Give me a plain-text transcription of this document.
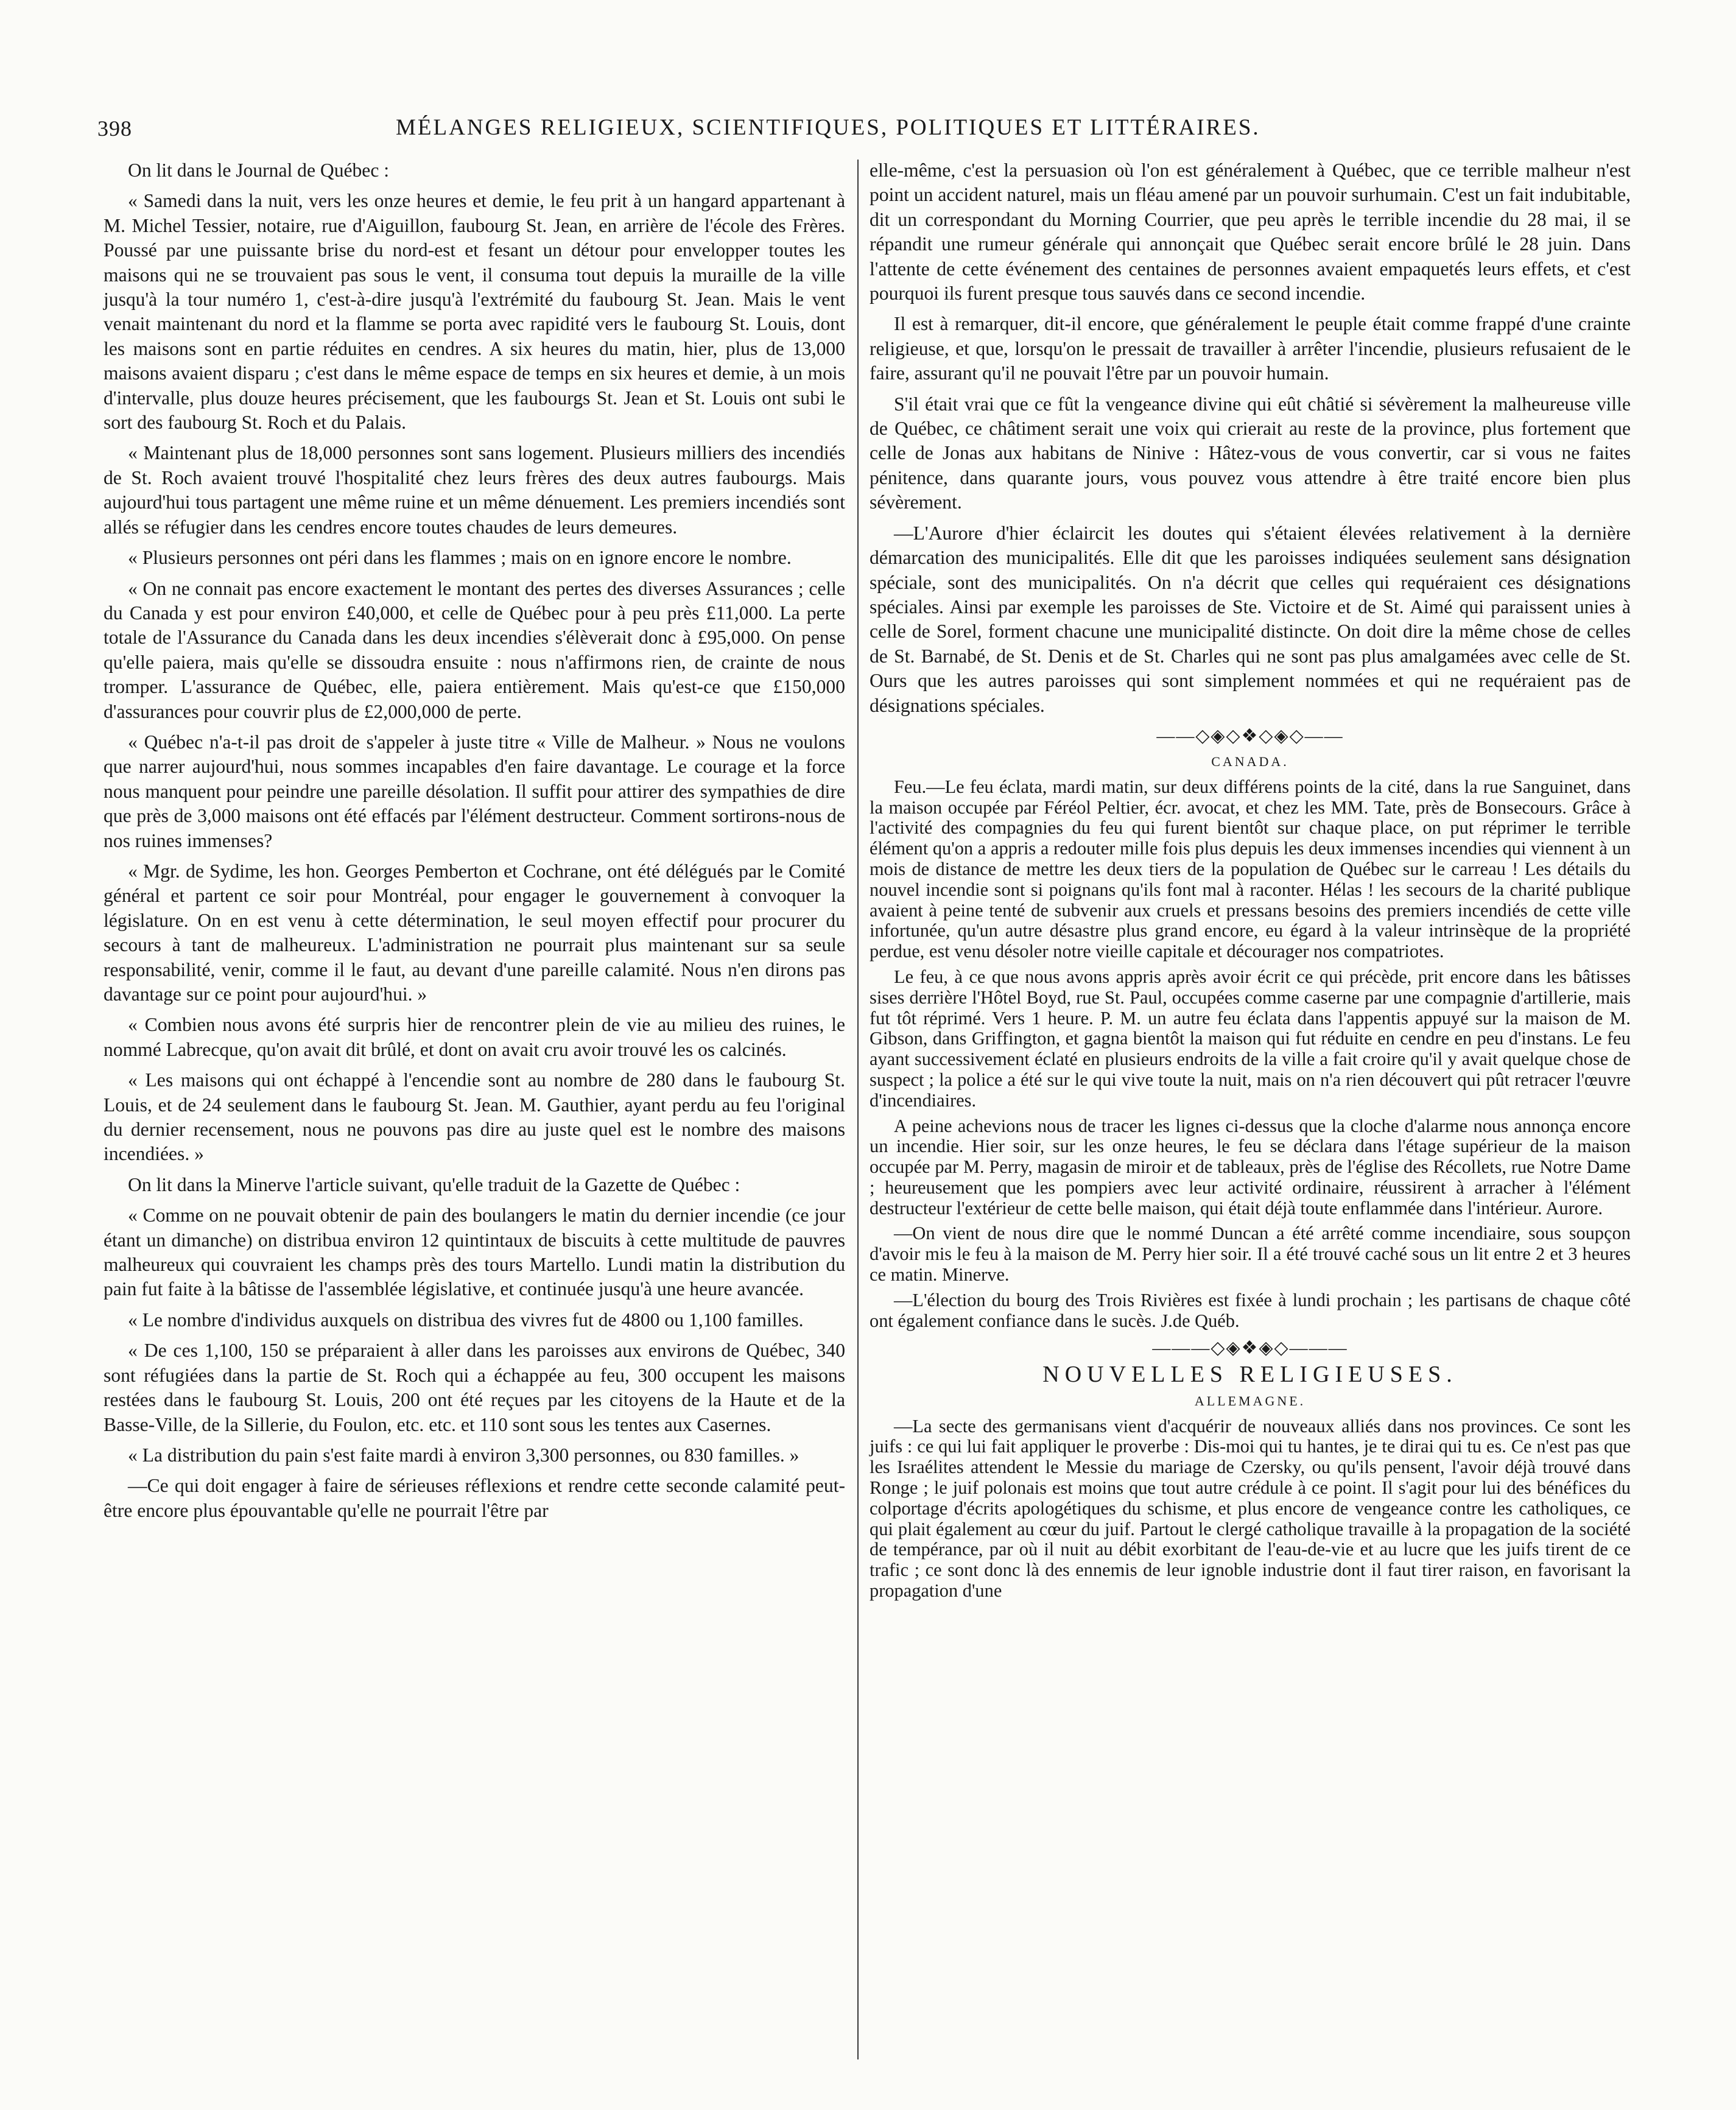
398	MÉLANGES RELIGIEUX, SCIENTIFIQUES, POLITIQUES ET LITTÉRAIRES.

On lit dans le Journal de Québec :

« Samedi dans la nuit, vers les onze heures et demie, le feu prit à un hangard appartenant à M. Michel Tessier, notaire, rue d'Aiguillon, faubourg St. Jean, en arrière de l'école des Frères. Poussé par une puissante brise du nord-est et fesant un détour pour envelopper toutes les maisons qui ne se trouvaient pas sous le vent, il consuma tout depuis la muraille de la ville jusqu'à la tour numéro 1, c'est-à-dire jusqu'à l'extrémité du faubourg St. Jean. Mais le vent venait maintenant du nord et la flamme se porta avec rapidité vers le faubourg St. Louis, dont les maisons sont en partie réduites en cendres. A six heures du matin, hier, plus de 13,000 maisons avaient disparu ; c'est dans le même espace de temps en six heures et demie, à un mois d'intervalle, plus douze heures précisement, que les faubourgs St. Jean et St. Louis ont subi le sort des faubourg St. Roch et du Palais.

« Maintenant plus de 18,000 personnes sont sans logement. Plusieurs milliers des incendiés de St. Roch avaient trouvé l'hospitalité chez leurs frères des deux autres faubourgs. Mais aujourd'hui tous partagent une même ruine et un même dénuement. Les premiers incendiés sont allés se réfugier dans les cendres encore toutes chaudes de leurs demeures.

« Plusieurs personnes ont péri dans les flammes ; mais on en ignore encore le nombre.

« On ne connait pas encore exactement le montant des pertes des diverses Assurances ; celle du Canada y est pour environ £40,000, et celle de Québec pour à peu près £11,000. La perte totale de l'Assurance du Canada dans les deux incendies s'élèverait donc à £95,000. On pense qu'elle paiera, mais qu'elle se dissoudra ensuite : nous n'affirmons rien, de crainte de nous tromper. L'assurance de Québec, elle, paiera entièrement. Mais qu'est-ce que £150,000 d'assurances pour couvrir plus de £2,000,000 de perte.

« Québec n'a-t-il pas droit de s'appeler à juste titre « Ville de Malheur. » Nous ne voulons que narrer aujourd'hui, nous sommes incapables d'en faire davantage. Le courage et la force nous manquent pour peindre une pareille désolation. Il suffit pour attirer des sympathies de dire que près de 3,000 maisons ont été effacés par l'élément destructeur. Comment sortirons-nous de nos ruines immenses?

« Mgr. de Sydime, les hon. Georges Pemberton et Cochrane, ont été délégués par le Comité général et partent ce soir pour Montréal, pour engager le gouvernement à convoquer la législature. On en est venu à cette détermination, le seul moyen effectif pour procurer du secours à tant de malheureux. L'administration ne pourrait plus maintenant sur sa seule responsabilité, venir, comme il le faut, au devant d'une pareille calamité. Nous n'en dirons pas davantage sur ce point pour aujourd'hui. »

« Combien nous avons été surpris hier de rencontrer plein de vie au milieu des ruines, le nommé Labrecque, qu'on avait dit brûlé, et dont on avait cru avoir trouvé les os calcinés.

« Les maisons qui ont échappé à l'encendie sont au nombre de 280 dans le faubourg St. Louis, et de 24 seulement dans le faubourg St. Jean. M. Gauthier, ayant perdu au feu l'original du dernier recensement, nous ne pouvons pas dire au juste quel est le nombre des maisons incendiées. »

On lit dans la Minerve l'article suivant, qu'elle traduit de la Gazette de Québec :

« Comme on ne pouvait obtenir de pain des boulangers le matin du dernier incendie (ce jour étant un dimanche) on distribua environ 12 quintintaux de biscuits à cette multitude de pauvres malheureux qui couvraient les champs près des tours Martello. Lundi matin la distribution du pain fut faite à la bâtisse de l'assemblée législative, et continuée jusqu'à une heure avancée.

« Le nombre d'individus auxquels on distribua des vivres fut de 4800 ou 1,100 familles.

« De ces 1,100, 150 se préparaient à aller dans les paroisses aux environs de Québec, 340 sont réfugiées dans la partie de St. Roch qui a échappée au feu, 300 occupent les maisons restées dans le faubourg St. Louis, 200 ont été reçues par les citoyens de la Haute et de la Basse-Ville, de la Sillerie, du Foulon, etc. etc. et 110 sont sous les tentes aux Casernes.

« La distribution du pain s'est faite mardi à environ 3,300 personnes, ou 830 familles. »

—Ce qui doit engager à faire de sérieuses réflexions et rendre cette seconde calamité peut-être encore plus épouvantable qu'elle ne pourrait l'être par

elle-même, c'est la persuasion où l'on est généralement à Québec, que ce terrible malheur n'est point un accident naturel, mais un fléau amené par un pouvoir surhumain. C'est un fait indubitable, dit un correspondant du Morning Courrier, que peu après le terrible incendie du 28 mai, il se répandit une rumeur générale qui annonçait que Québec serait encore brûlé le 28 juin. Dans l'attente de cette événement des centaines de personnes avaient empaquetés leurs effets, et c'est pourquoi ils furent presque tous sauvés dans ce second incendie.

Il est à remarquer, dit-il encore, que généralement le peuple était comme frappé d'une crainte religieuse, et que, lorsqu'on le pressait de travailler à arrêter l'incendie, plusieurs refusaient de le faire, assurant qu'il ne pouvait l'être par un pouvoir humain.

S'il était vrai que ce fût la vengeance divine qui eût châtié si sévèrement la malheureuse ville de Québec, ce châtiment serait une voix qui crierait au reste de la province, plus fortement que celle de Jonas aux habitans de Ninive : Hâtez-vous de vous convertir, car si vous ne faites pénitence, dans quarante jours, vous pouvez vous attendre à être traité encore bien plus sévèrement.

—L'Aurore d'hier éclaircit les doutes qui s'étaient élevées relativement à la dernière démarcation des municipalités. Elle dit que les paroisses indiquées seulement sans désignation spéciale, sont des municipalités. On n'a décrit que celles qui requéraient ces désignations spéciales. Ainsi par exemple les paroisses de Ste. Victoire et de St. Aimé qui paraissent unies à celle de Sorel, forment chacune une municipalité distincte. On doit dire la même chose de celles de St. Barnabé, de St. Denis et de St. Charles qui ne sont pas plus amalgamées avec celle de St. Ours que les autres paroisses qui sont simplement nommées et qui ne requéraient pas de désignations spéciales.

——◇◈◇❖◇◈◇——
CANADA.

Feu.—Le feu éclata, mardi matin, sur deux différens points de la cité, dans la rue Sanguinet, dans la maison occupée par Féréol Peltier, écr. avocat, et chez les MM. Tate, près de Bonsecours. Grâce à l'activité des compagnies du feu qui furent bientôt sur chaque place, on put réprimer le terrible élément qu'on a appris a redouter mille fois plus depuis les deux immenses incendies qui viennent à un mois de distance de mettre les deux tiers de la population de Québec sur le carreau ! Les détails du nouvel incendie sont si poignans qu'ils font mal à raconter. Hélas ! les secours de la charité publique avaient à peine tenté de subvenir aux cruels et pressans besoins des premiers incendiés de cette ville infortunée, qu'un autre désastre plus grand encore, eu égard à la valeur intrinsèque de la propriété perdue, est venu désoler notre vieille capitale et décourager nos compatriotes.

Le feu, à ce que nous avons appris après avoir écrit ce qui précède, prit encore dans les bâtisses sises derrière l'Hôtel Boyd, rue St. Paul, occupées comme caserne par une compagnie d'artillerie, mais fut tôt réprimé. Vers 1 heure. P. M. un autre feu éclata dans l'appentis appuyé sur la maison de M. Gibson, dans Griffington, et gagna bientôt la maison qui fut réduite en cendre en peu d'instans. Le feu ayant successivement éclaté en plusieurs endroits de la ville a fait croire qu'il y avait quelque chose de suspect ; la police a été sur le qui vive toute la nuit, mais on n'a rien découvert qui pût retracer l'œuvre d'incendiaires.

A peine achevions nous de tracer les lignes ci-dessus que la cloche d'alarme nous annonça encore un incendie. Hier soir, sur les onze heures, le feu se déclara dans l'étage supérieur de la maison occupée par M. Perry, magasin de miroir et de tableaux, près de l'église des Récollets, rue Notre Dame ; heureusement que les pompiers avec leur activité ordinaire, réussirent à arracher à l'élément destructeur l'extérieur de cette belle maison, qui était déjà toute enflammée dans l'intérieur. Aurore.

—On vient de nous dire que le nommé Duncan a été arrêté comme incendiaire, sous soupçon d'avoir mis le feu à la maison de M. Perry hier soir. Il a été trouvé caché sous un lit entre 2 et 3 heures ce matin. Minerve.

—L'élection du bourg des Trois Rivières est fixée à lundi prochain ; les partisans de chaque côté ont également confiance dans le sucès. J.de Québ.

———◇◈❖◈◇———
NOUVELLES RELIGIEUSES.
ALLEMAGNE.

—La secte des germanisans vient d'acquérir de nouveaux alliés dans nos provinces. Ce sont les juifs : ce qui lui fait appliquer le proverbe : Dis-moi qui tu hantes, je te dirai qui tu es. Ce n'est pas que les Israélites attendent le Messie du mariage de Czersky, ou qu'ils pensent, l'avoir déjà trouvé dans Ronge ; le juif polonais est moins que tout autre crédule à ce point. Il s'agit pour lui des bénéfices du colportage d'écrits apologétiques du schisme, et plus encore de vengeance contre les catholiques, ce qui plait également au cœur du juif. Partout le clergé catholique travaille à la propagation de la société de tempérance, par où il nuit au débit exorbitant de l'eau-de-vie et au lucre que les juifs tirent de ce trafic ; ce sont donc là des ennemis de leur ignoble industrie dont il faut tirer raison, en favorisant la propagation d'une
